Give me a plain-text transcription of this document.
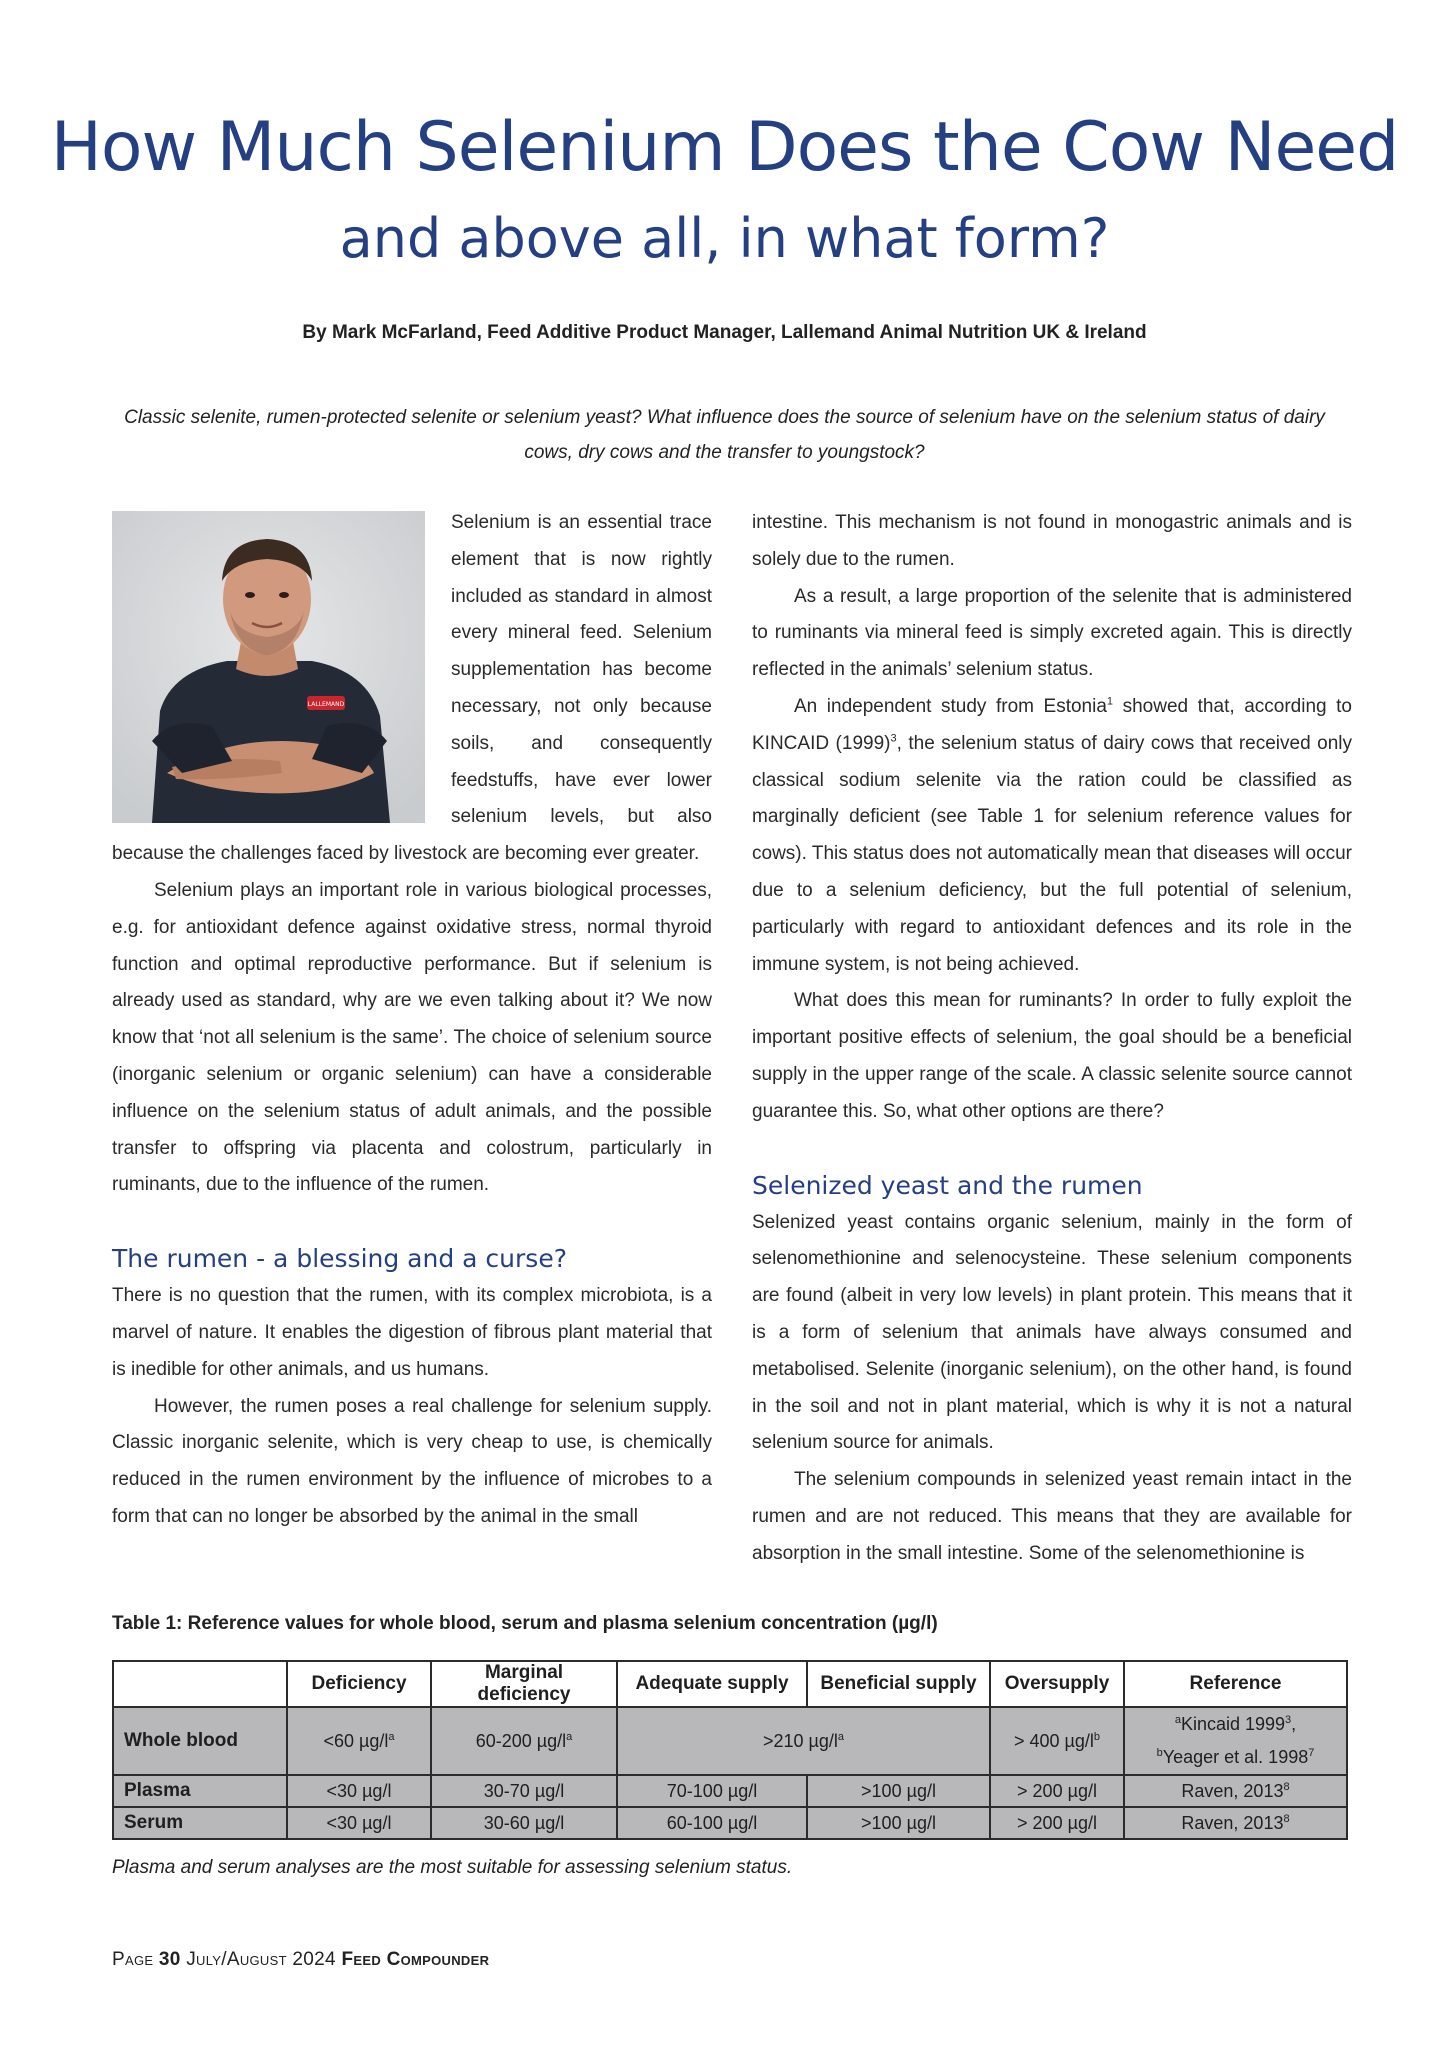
How Much Selenium Does the Cow Need
and above all, in what form?
By Mark McFarland, Feed Additive Product Manager, Lallemand Animal Nutrition UK & Ireland
Classic selenite, rumen-protected selenite or selenium yeast? What influence does the source of selenium have on the selenium status of dairy cows, dry cows and the transfer to youngstock?
LALLEMAND

Selenium is an essential trace element that is now rightly included as standard in almost every mineral feed. Selenium supplementation has become necessary, not only because soils, and consequently feedstuffs, have ever lower selenium levels, but also because the challenges faced by livestock are becoming ever greater.

Selenium plays an important role in various biological processes, e.g. for antioxidant defence against oxidative stress, normal thyroid function and optimal reproductive performance. But if selenium is already used as standard, why are we even talking about it? We now know that ‘not all selenium is the same’. The choice of selenium source (inorganic selenium or organic selenium) can have a considerable influence on the selenium status of adult animals, and the possible transfer to offspring via placenta and colostrum, particularly in ruminants, due to the influence of the rumen.

The rumen - a blessing and a curse?

There is no question that the rumen, with its complex microbiota, is a marvel of nature. It enables the digestion of fibrous plant material that is inedible for other animals, and us humans.

However, the rumen poses a real challenge for selenium supply. Classic inorganic selenite, which is very cheap to use, is chemically reduced in the rumen environment by the influence of microbes to a form that can no longer be absorbed by the animal in the small

intestine. This mechanism is not found in monogastric animals and is solely due to the rumen.

As a result, a large proportion of the selenite that is administered to ruminants via mineral feed is simply excreted again. This is directly reflected in the animals’ selenium status.

An independent study from Estonia$^1$ showed that, according to KINCAID $(1999)^3$, the selenium status of dairy cows that received only classical sodium selenite via the ration could be classified as marginally deficient (see Table 1 for selenium reference values for cows). This status does not automatically mean that diseases will occur due to a selenium deficiency, but the full potential of selenium, particularly with regard to antioxidant defences and its role in the immune system, is not being achieved.

What does this mean for ruminants? In order to fully exploit the important positive effects of selenium, the goal should be a beneficial supply in the upper range of the scale. A classic selenite source cannot guarantee this. So, what other options are there?

Selenized yeast and the rumen

Selenized yeast contains organic selenium, mainly in the form of selenomethionine and selenocysteine. These selenium components are found (albeit in very low levels) in plant protein. This means that it is a form of selenium that animals have always consumed and metabolised. Selenite (inorganic selenium), on the other hand, is found in the soil and not in plant material, which is why it is not a natural selenium source for animals.

The selenium compounds in selenized yeast remain intact in the rumen and are not reduced. This means that they are available for absorption in the small intestine. Some of the selenomethionine is

Table 1: Reference values for whole blood, serum and plasma selenium concentration (µg/l)
	Deficiency	Marginal deficiency	Adequate supply	Beneficial supply	Oversupply	Reference
Whole blood	<60 $\mu g/l^a$	60-200 $\mu g/l^a$	>210 $\mu g/l^a$		> 400 $\mu g/l^b$	$^a$Kincaid 1999$^3$,
$^b$Yeager et al. 1998$^7$

Plasma	<30 µg/l	30-70 µg/l	70-100 µg/l	>100 µg/l	> 200 µg/l	Raven, 2013$^8$
Serum	<30 µg/l	30-60 µg/l	60-100 µg/l	>100 µg/l	> 200 µg/l	Raven, 2013$^8$
Plasma and serum analyses are the most suitable for assessing selenium status.
Page 30 July/August 2024 Feed Compounder
